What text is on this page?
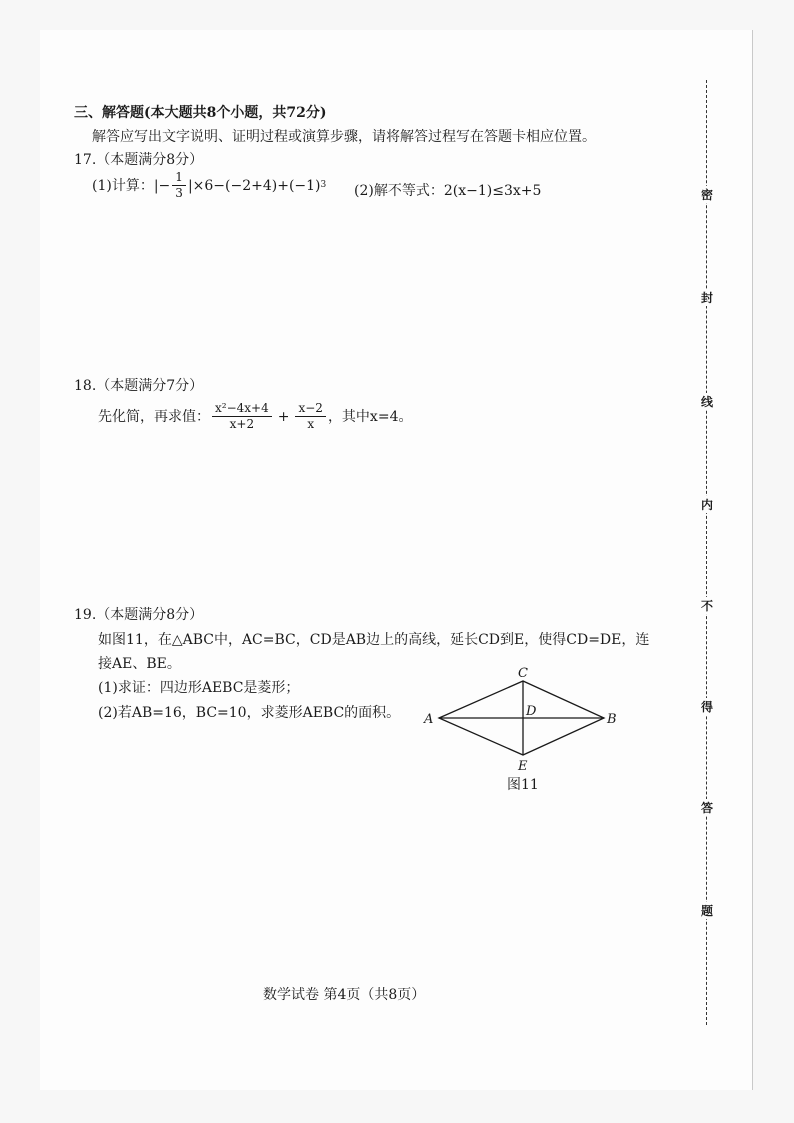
三、解答题(本大题共8个小题，共72分)
解答应写出文字说明、证明过程或演算步骤，请将解答过程写在答题卡相应位置。
17.（本题满分8分）
(1)计算： |− $\frac{1}{3} |\times 6-(-2+4)+(-1)$ 3 (2)解不等式：2(x−1)≤3x+5
18.（本题满分7分）
先化简，再求值： $\frac{\text{x²−4x+4}}{x+2} + \frac{x-2}{x}$ ，其中x=4。
19.（本题满分8分）
如图11，在△ABC中，AC=BC，CD是AB边上的高线，延长CD到E，使得CD=DE，连
接AE、BE。
(1)求证：四边形AEBC是菱形；
(2)若AB=16，BC=10，求菱形AEBC的面积。 A	B
C
D
E
图11
密
封
线
内
不
得
答
题
数学试卷 第4页（共8页）
